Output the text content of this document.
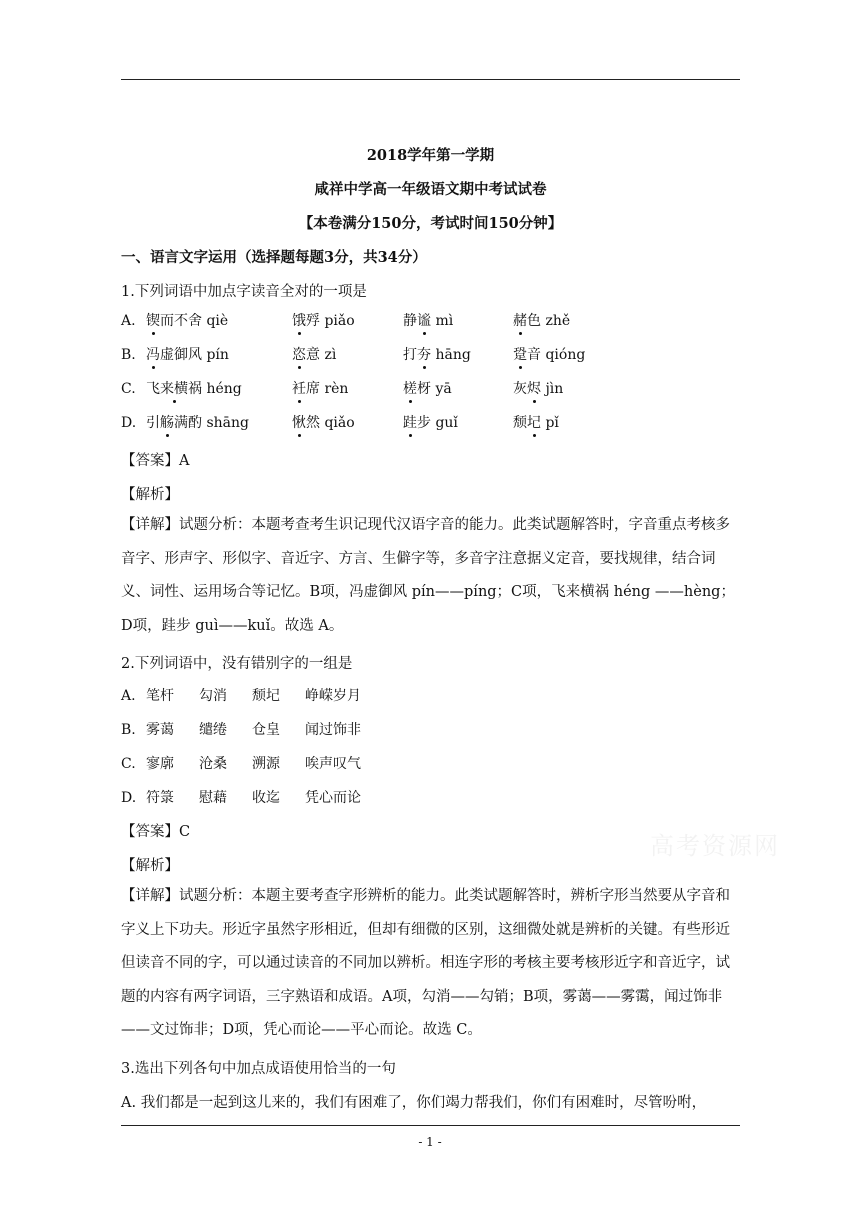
2018学年第一学期
咸祥中学高一年级语文期中考试试卷
【本卷满分150分，考试时间150分钟】
一、语言文字运用（选择题每题3分，共34分）
1.下列词语中加点字读音全对的一项是
A. 锲而不舍 qiè	饿殍 piǎo	静谧 mì	赭色 zhě
B. 冯虚御风 pín	恣意 zì	打夯 hāng	跫音 qióng
C. 飞来横祸 héng	衽席 rèn	槎枒 yā	灰烬 jìn
D. 引觞满酌 shāng	愀然 qiǎo	跬步 guǐ	颓圮 pǐ
【答案】A
【解析】
【详解】试题分析：本题考查考生识记现代汉语字音的能力。此类试题解答时，字音重点考核多音字、形声字、形似字、音近字、方言、生僻字等，多音字注意据义定音，要找规律，结合词义、词性、运用场合等记忆。B项，冯虚御风 pín——píng；C项，飞来横祸 héng ——hèng；D项，跬步 guì——kuǐ。故选 A。
2.下列词语中，没有错别字的一组是
A. 笔杆 勾消 颓圮 峥嵘岁月
B. 雾蔼 缱绻 仓皇 闻过饰非
C. 寥廓 沧桑 溯源 唉声叹气
D. 符箓 慰藉 收迄 凭心而论
【答案】C
【解析】
【详解】试题分析：本题主要考查字形辨析的能力。此类试题解答时，辨析字形当然要从字音和字义上下功夫。形近字虽然字形相近，但却有细微的区别，这细微处就是辨析的关键。有些形近但读音不同的字，可以通过读音的不同加以辨析。相连字形的考核主要考核形近字和音近字，试题的内容有两字词语，三字熟语和成语。A项，勾消——勾销；B项，雾蔼——雾霭，闻过饰非——文过饰非；D项，凭心而论——平心而论。故选 C。
3.选出下列各句中加点成语使用恰当的一句
A. 我们都是一起到这儿来的，我们有困难了，你们竭力帮我们，你们有困难时，尽管吩咐，
高考资源网
- 1 -
